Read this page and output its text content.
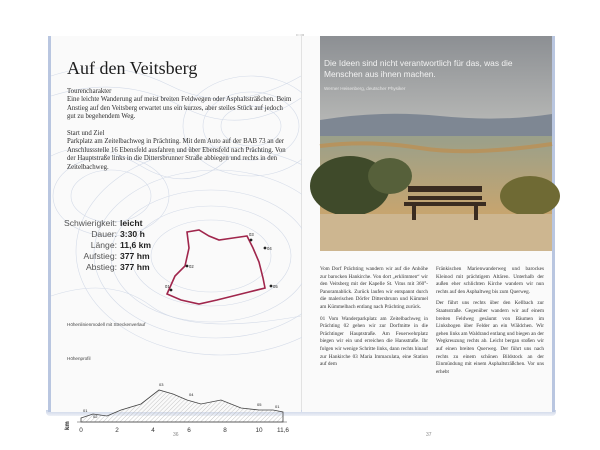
Auf den Veitsberg
Tourencharakter
Eine leichte Wanderung auf meist breiten Feldwegen oder Asphaltsträßchen. Beim Anstieg auf den Veitsberg erwartet uns ein kurzes, aber steiles Stück auf jedoch gut zu begehendem Weg.
Start und Ziel
Parkplatz am Zeitelbachweg in Prächting. Mit dem Auto auf der BAB 73 an der Anschlussstelle 16 Ebensfeld ausfahren und über Ebensfeld nach Prächting. Von der Hauptstraße links in die Dittersbrunner Straße abbiegen und rechts in den Zeitelbachweg.
Schwierigkeit: leicht
Dauer: 3:30 h
Länge: 11,6 km
Aufstieg: 377 hm
Abstieg: 377 hm
01
02
03
04
05
Höhenlinienmodell mit Streckenverlauf
Höhenprofil
01
02
03
04
05	01
0	2	4	6	8	10 11,6
km
36
Die Ideen sind nicht verantwortlich für das, was die Menschen aus ihnen machen.
Werner Heisenberg, deutscher Physiker

Vom Dorf Prächting wandern wir auf die Anhöhe zur barocken Hankirche. Von dort „erklimmen“ wir den Veitsberg mit der Kapelle St. Vitus mit 360°-Panoramablick. Zurück laufen wir entspannt durch die malerischen Dörfer Dittersbrunn und Kümmel am Kümmelbach entlang nach Prächting zurück.

01 Vom Wanderparkplatz am Zeitelbachweg in Prächting 02 gehen wir zur Dorfmitte in die Prächtinger Hauptstraße. Am Feuerwehrplatz biegen wir ein und erreichen die Hansstraße. Ihr folgen wir wenige Schritte links, dann rechts hinauf zur Hankirche 03 Maria Immaculata, eine Station auf dem

Fränkischen Marienwanderweg und barockes Kleinod mit prächtigem Altären. Unterhalb der außen eher schlichten Kirche wandern wir nun rechts auf den Asphaltweg bis zum Querweg.

Der führt uns rechts über den Kellbach zur Staatsstraße. Gegenüber wandern wir auf einem breiten Feldweg gesäumt von Bäumen im Linksbogen über Felder an ein Wäldchen. Wir gehen links am Waldrand entlang und biegen an der Wegkreuzung rechts ab. Leicht bergan stoßen wir auf einen breiten Querweg. Der führt uns nach rechts zu einem schönen Bildstock an der Einmündung mit einem Asphaltsträßchen. Vor uns erhebt

37
